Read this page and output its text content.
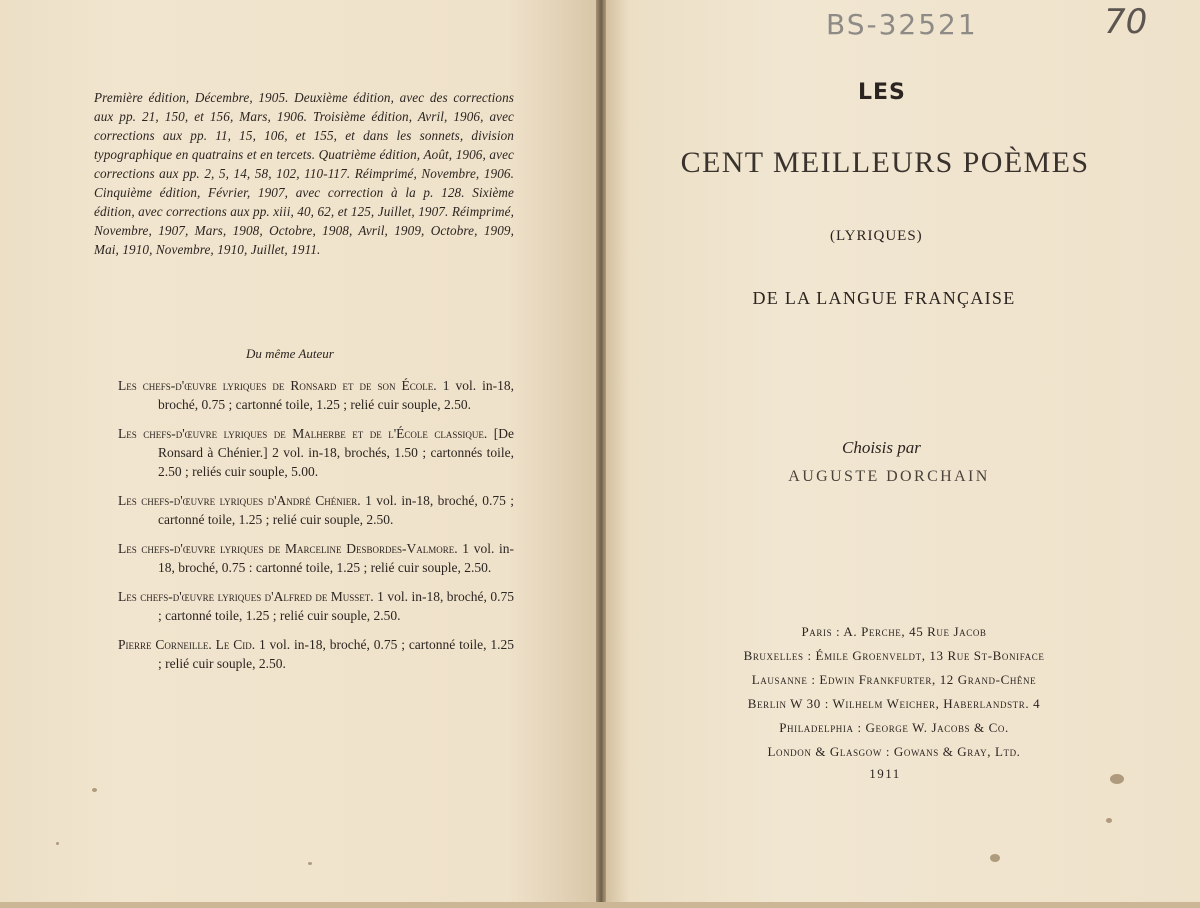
Première édition, Décembre, 1905. Deuxième édition, avec des corrections aux pp. 21, 150, et 156, Mars, 1906. Troisième édition, Avril, 1906, avec corrections aux pp. 11, 15, 106, et 155, et dans les sonnets, division typographique en quatrains et en tercets. Quatrième édition, Août, 1906, avec corrections aux pp. 2, 5, 14, 58, 102, 110-117. Réimprimé, Novembre, 1906. Cinquième édition, Février, 1907, avec correction à la p. 128. Sixième édition, avec corrections aux pp. xiii, 40, 62, et 125, Juillet, 1907. Réimprimé, Novembre, 1907, Mars, 1908, Octobre, 1908, Avril, 1909, Octobre, 1909, Mai, 1910, Novembre, 1910, Juillet, 1911.
Du même Auteur
Les chefs-d'œuvre lyriques de Ronsard et de son École. 1 vol. in-18, broché, 0.75 ; cartonné toile, 1.25 ; relié cuir souple, 2.50.
Les chefs-d'œuvre lyriques de Malherbe et de l'École classique. [De Ronsard à Chénier.] 2 vol. in-18, brochés, 1.50 ; cartonnés toile, 2.50 ; reliés cuir souple, 5.00.
Les chefs-d'œuvre lyriques d'André Chénier. 1 vol. in-18, broché, 0.75 ; cartonné toile, 1.25 ; relié cuir souple, 2.50.
Les chefs-d'œuvre lyriques de Marceline Desbordes-Valmore. 1 vol. in-18, broché, 0.75 : cartonné toile, 1.25 ; relié cuir souple, 2.50.
Les chefs-d'œuvre lyriques d'Alfred de Musset. 1 vol. in-18, broché, 0.75 ; cartonné toile, 1.25 ; relié cuir souple, 2.50.
Pierre Corneille. Le Cid. 1 vol. in-18, broché, 0.75 ; cartonné toile, 1.25 ; relié cuir souple, 2.50.
BS-32521	70
LES
CENT MEILLEURS POÈMES
(LYRIQUES)
DE LA LANGUE FRANÇAISE
Choisis par
AUGUSTE DORCHAIN
Paris : A. Perche, 45 Rue Jacob
Bruxelles : Émile Groenveldt, 13 Rue St-Boniface
Lausanne : Edwin Frankfurter, 12 Grand-Chêne
Berlin W 30 : Wilhelm Weicher, Haberlandstr. 4
Philadelphia : George W. Jacobs & Co.
London & Glasgow : Gowans & Gray, Ltd.
1911
